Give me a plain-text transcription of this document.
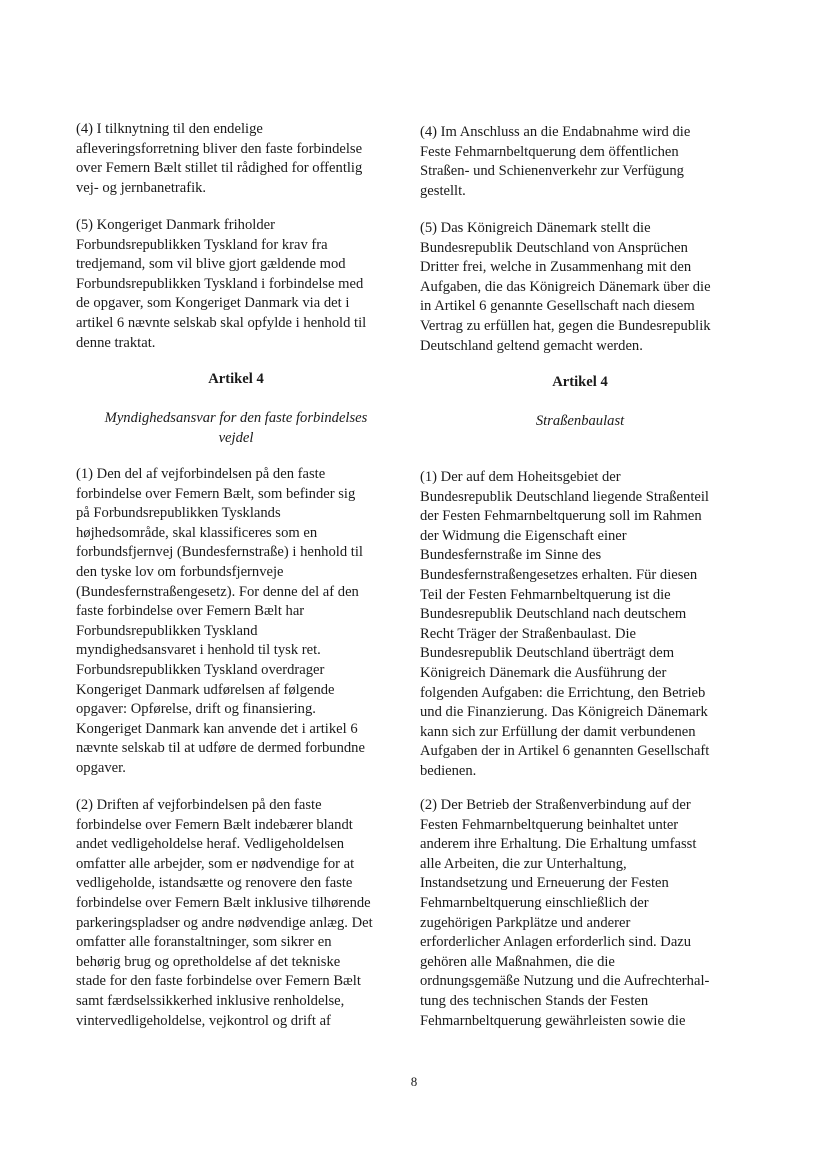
(4) I tilknytning til den endelige
afleveringsforretning bliver den faste forbindelse
over Femern Bælt stillet til rådighed for offentlig
vej- og jernbanetrafik.

(5) Kongeriget Danmark friholder
Forbundsrepublikken Tyskland for krav fra
tredjemand, som vil blive gjort gældende mod
Forbundsrepublikken Tyskland i forbindelse med
de opgaver, som Kongeriget Danmark via det i
artikel 6 nævnte selskab skal opfylde i henhold til
denne traktat.

Artikel 4

Myndighedsansvar for den faste forbindelses
vejdel

(1) Den del af vejforbindelsen på den faste
forbindelse over Femern Bælt, som befinder sig
på Forbundsrepublikken Tysklands
højhedsområde, skal klassificeres som en
forbundsfjernvej (Bundesfernstraße) i henhold til
den tyske lov om forbundsfjernveje
(Bundesfernstraßengesetz). For denne del af den
faste forbindelse over Femern Bælt har
Forbundsrepublikken Tyskland
myndighedsansvaret i henhold til tysk ret.
Forbundsrepublikken Tyskland overdrager
Kongeriget Danmark udførelsen af følgende
opgaver: Opførelse, drift og finansiering.
Kongeriget Danmark kan anvende det i artikel 6
nævnte selskab til at udføre de dermed forbundne
opgaver.

(2) Driften af vejforbindelsen på den faste
forbindelse over Femern Bælt indebærer blandt
andet vedligeholdelse heraf. Vedligeholdelsen
omfatter alle arbejder, som er nødvendige for at
vedligeholde, istandsætte og renovere den faste
forbindelse over Femern Bælt inklusive tilhørende
parkeringspladser og andre nødvendige anlæg. Det
omfatter alle foranstaltninger, som sikrer en
behørig brug og opretholdelse af det tekniske
stade for den faste forbindelse over Femern Bælt
samt færdselssikkerhed inklusive renholdelse,
vintervedligeholdelse, vejkontrol og drift af

(4) Im Anschluss an die Endabnahme wird die
Feste Fehmarnbeltquerung dem öffentlichen
Straßen- und Schienenverkehr zur Verfügung
gestellt.

(5) Das Königreich Dänemark stellt die
Bundesrepublik Deutschland von Ansprüchen
Dritter frei, welche in Zusammenhang mit den
Aufgaben, die das Königreich Dänemark über die
in Artikel 6 genannte Gesellschaft nach diesem
Vertrag zu erfüllen hat, gegen die Bundesrepublik
Deutschland geltend gemacht werden.

Artikel 4

Straßenbaulast

(1) Der auf dem Hoheitsgebiet der
Bundesrepublik Deutschland liegende Straßenteil
der Festen Fehmarnbeltquerung soll im Rahmen
der Widmung die Eigenschaft einer
Bundesfernstraße im Sinne des
Bundesfernstraßengesetzes erhalten. Für diesen
Teil der Festen Fehmarnbeltquerung ist die
Bundesrepublik Deutschland nach deutschem
Recht Träger der Straßenbaulast. Die
Bundesrepublik Deutschland überträgt dem
Königreich Dänemark die Ausführung der
folgenden Aufgaben: die Errichtung, den Betrieb
und die Finanzierung. Das Königreich Dänemark
kann sich zur Erfüllung der damit verbundenen
Aufgaben der in Artikel 6 genannten Gesellschaft
bedienen.

(2) Der Betrieb der Straßenverbindung auf der
Festen Fehmarnbeltquerung beinhaltet unter
anderem ihre Erhaltung. Die Erhaltung umfasst
alle Arbeiten, die zur Unterhaltung,
Instandsetzung und Erneuerung der Festen
Fehmarnbeltquerung einschließlich der
zugehörigen Parkplätze und anderer
erforderlicher Anlagen erforderlich sind. Dazu
gehören alle Maßnahmen, die die
ordnungsgemäße Nutzung und die Aufrechterhal-
tung des technischen Stands der Festen
Fehmarnbeltquerung gewährleisten sowie die

8
